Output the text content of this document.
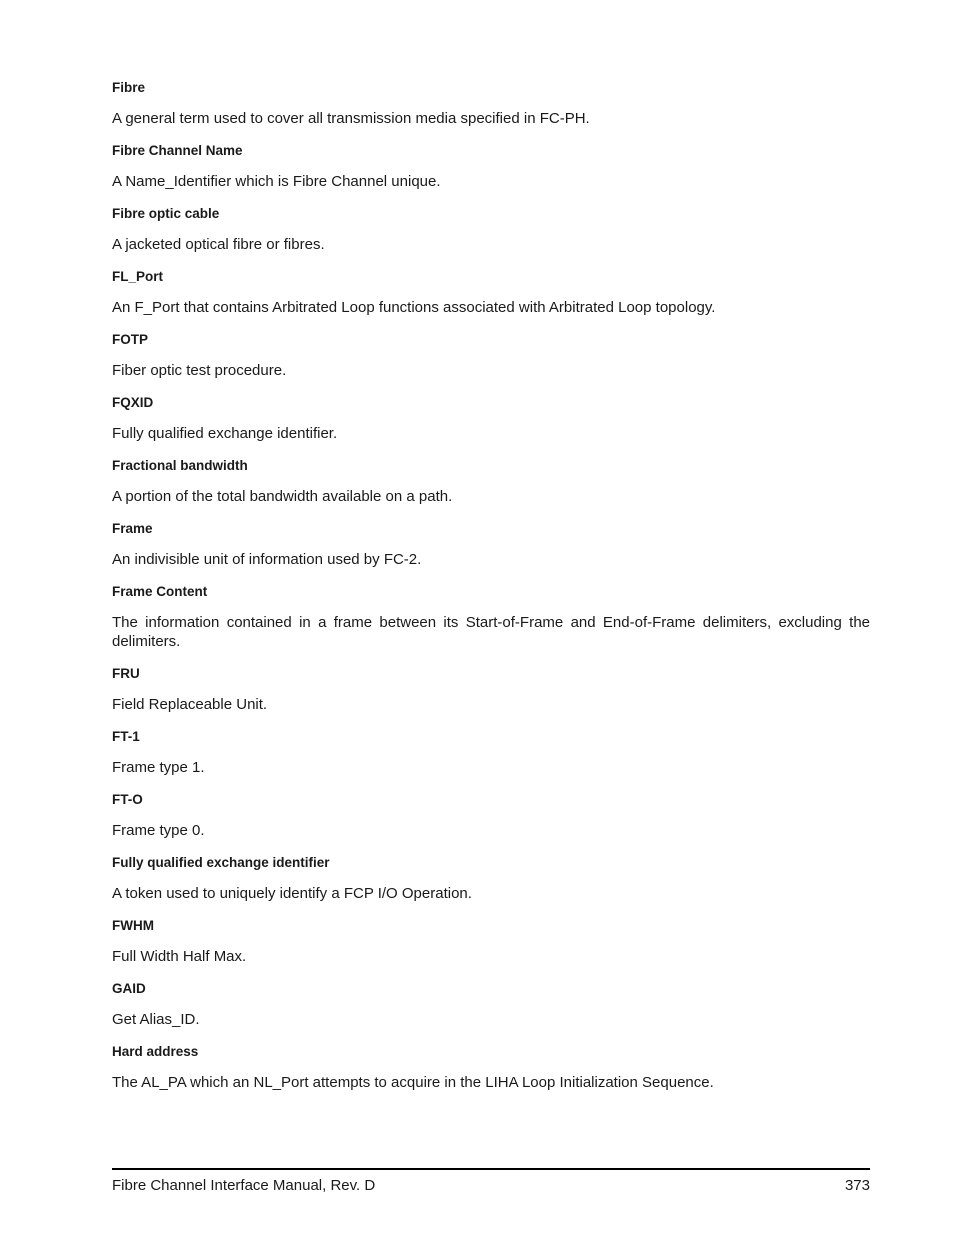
Fibre

A general term used to cover all transmission media specified in FC-PH.

Fibre Channel Name

A Name_Identifier which is Fibre Channel unique.

Fibre optic cable

A jacketed optical fibre or fibres.

FL_Port

An F_Port that contains Arbitrated Loop functions associated with Arbitrated Loop topology.

FOTP

Fiber optic test procedure.

FQXID

Fully qualified exchange identifier.

Fractional bandwidth

A portion of the total bandwidth available on a path.

Frame

An indivisible unit of information used by FC-2.

Frame Content

The information contained in a frame between its Start-of-Frame and End-of-Frame delimiters, excluding the delimiters.

FRU

Field Replaceable Unit.

FT-1

Frame type 1.

FT-O

Frame type 0.

Fully qualified exchange identifier

A token used to uniquely identify a FCP I/O Operation.

FWHM

Full Width Half Max.

GAID

Get Alias_ID.

Hard address

The AL_PA which an NL_Port attempts to acquire in the LIHA Loop Initialization Sequence.

Fibre Channel Interface Manual, Rev. D	373
